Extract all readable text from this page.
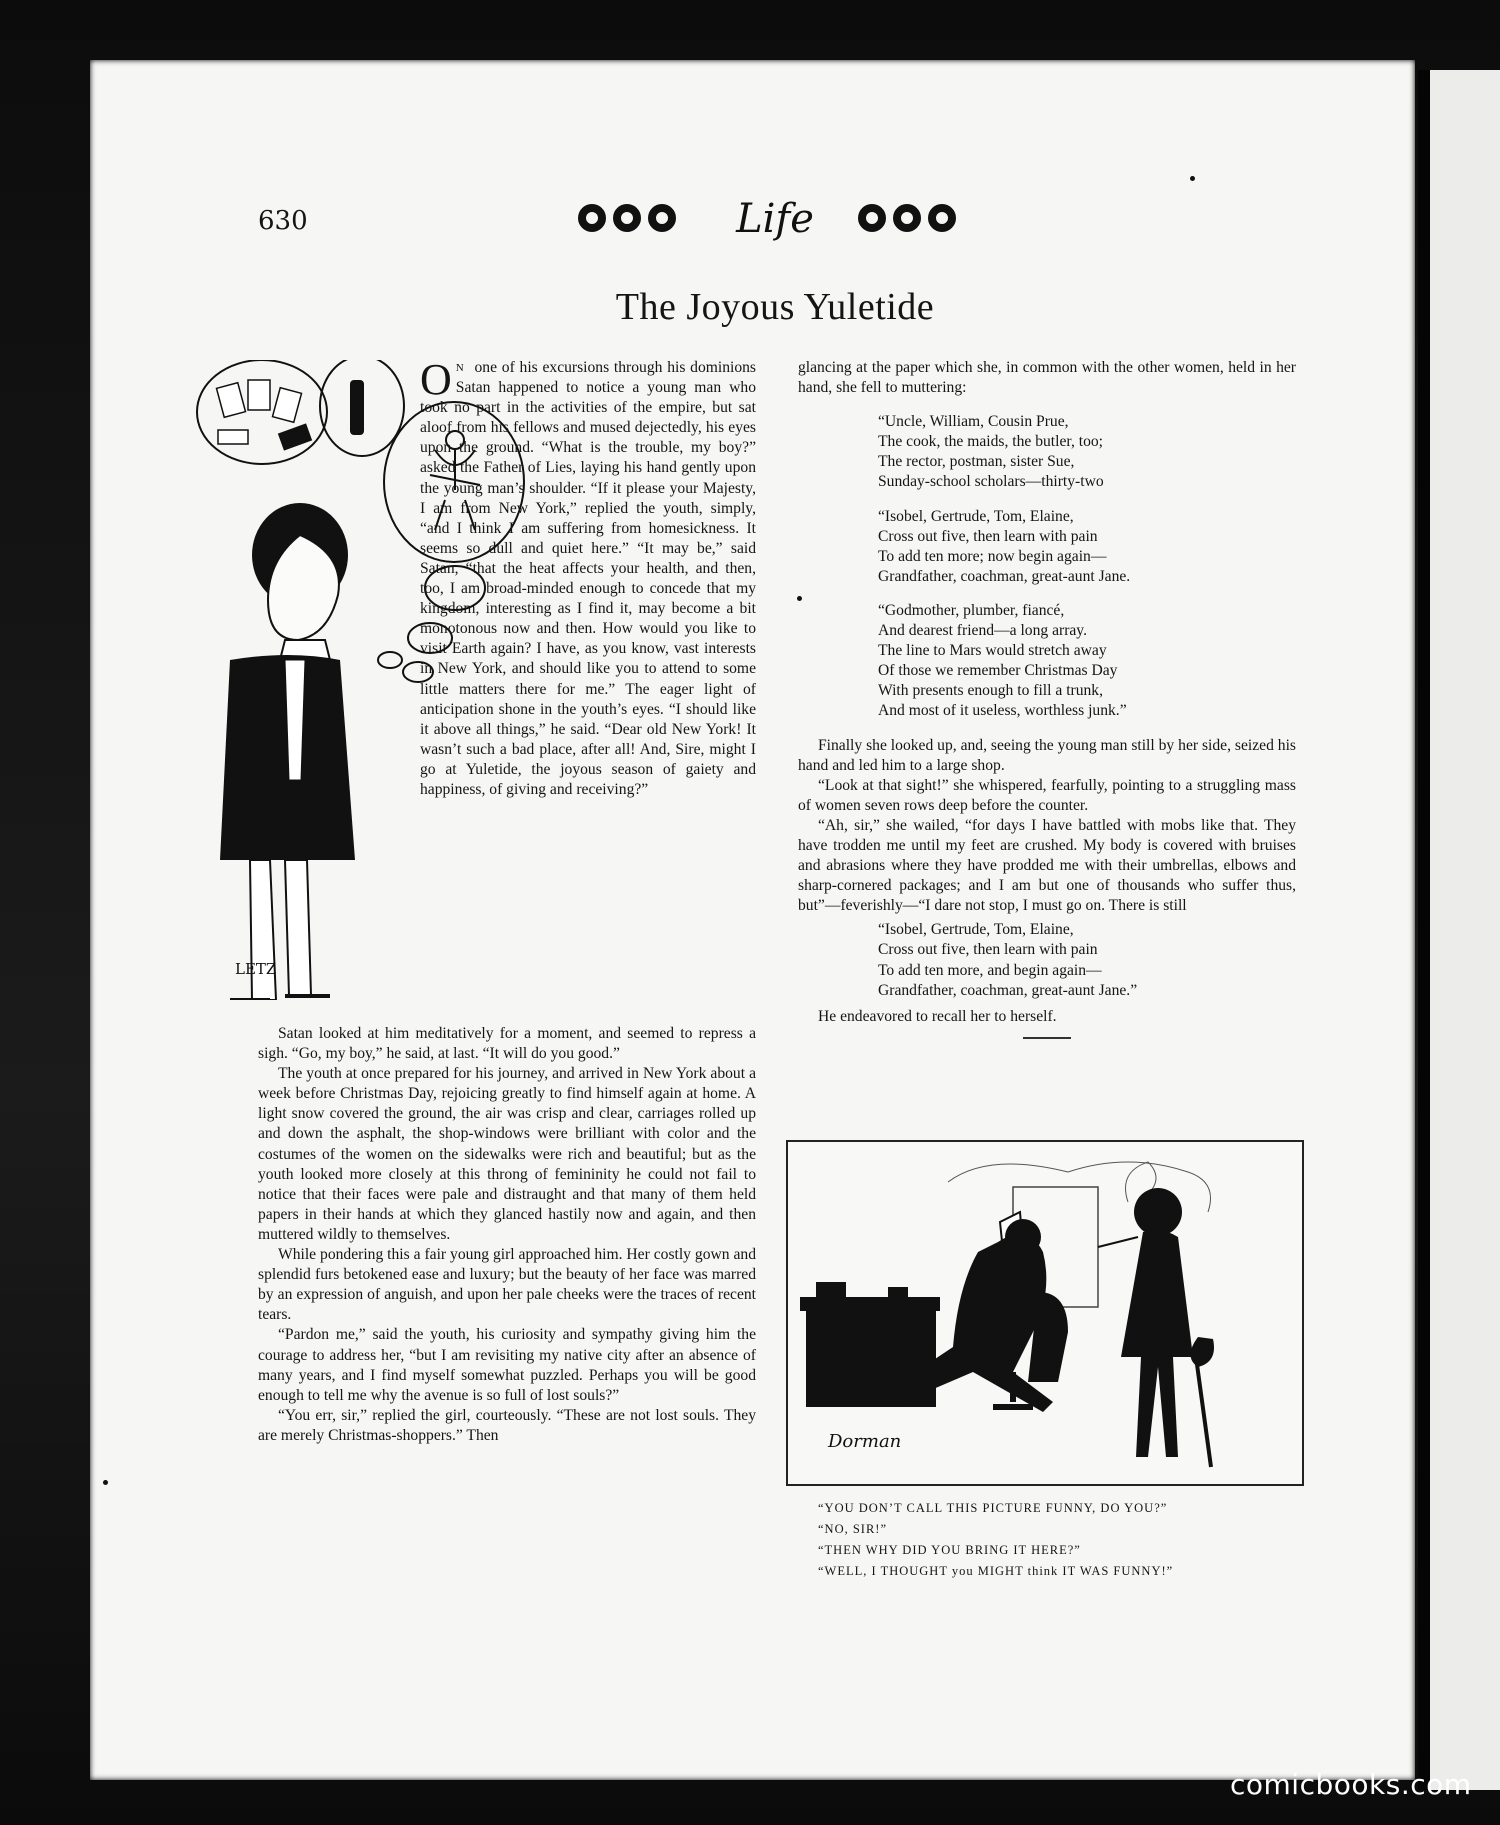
630	Life
The Joyous Yuletide
LETZ
O $^N$ one of his excursions through his dominions Satan happened to notice a young man who took no part in the activities of the empire, but sat aloof from his fellows and mused dejectedly, his eyes upon the ground. “What is the trouble, my boy?” asked the Father of Lies, laying his hand gently upon the young man’s shoulder. “If it please your Majesty, I am from New York,” replied the youth, simply, “and I think I am suffering from homesickness. It seems so dull and quiet here.” “It may be,” said Satan, “that the heat affects your health, and then, too, I am broad-minded enough to concede that my kingdom, interesting as I find it, may become a bit monotonous now and then. How would you like to visit Earth again? I have, as you know, vast interests in New York, and should like you to attend to some little matters there for me.” The eager light of anticipation shone in the youth’s eyes. “I should like it above all things,” he said. “Dear old New York! It wasn’t such a bad place, after all! And, Sire, might I go at Yuletide, the joyous season of gaiety and happiness, of giving and receiving?”

Satan looked at him meditatively for a moment, and seemed to repress a sigh. “Go, my boy,” he said, at last. “It will do you good.”

The youth at once prepared for his journey, and arrived in New York about a week before Christmas Day, rejoicing greatly to find himself again at home. A light snow covered the ground, the air was crisp and clear, carriages rolled up and down the asphalt, the shop-windows were brilliant with color and the costumes of the women on the sidewalks were rich and beautiful; but as the youth looked more closely at this throng of femininity he could not fail to notice that their faces were pale and distraught and that many of them held papers in their hands at which they glanced hastily now and again, and then muttered wildly to themselves.

While pondering this a fair young girl approached him. Her costly gown and splendid furs betokened ease and luxury; but the beauty of her face was marred by an expression of anguish, and upon her pale cheeks were the traces of recent tears.

“Pardon me,” said the youth, his curiosity and sympathy giving him the courage to address her, “but I am revisiting my native city after an absence of many years, and I find myself somewhat puzzled. Perhaps you will be good enough to tell me why the avenue is so full of lost souls?”

“You err, sir,” replied the girl, courteously. “These are not lost souls. They are merely Christmas-shoppers.” Then

glancing at the paper which she, in common with the other women, held in her hand, she fell to muttering:

“Uncle, William, Cousin Prue,
The cook, the maids, the butler, too;
The rector, postman, sister Sue,
Sunday-school scholars—thirty-two
“Isobel, Gertrude, Tom, Elaine,
Cross out five, then learn with pain
To add ten more; now begin again—
Grandfather, coachman, great-aunt Jane.
“Godmother, plumber, fiancé,
And dearest friend—a long array.
The line to Mars would stretch away
Of those we remember Christmas Day
With presents enough to fill a trunk,
And most of it useless, worthless junk.”

Finally she looked up, and, seeing the young man still by her side, seized his hand and led him to a large shop.

“Look at that sight!” she whispered, fearfully, pointing to a struggling mass of women seven rows deep before the counter.

“Ah, sir,” she wailed, “for days I have battled with mobs like that. They have trodden me until my feet are crushed. My body is covered with bruises and abrasions where they have prodded me with their umbrellas, elbows and sharp-cornered packages; and I am but one of thousands who suffer thus, but”—feverishly—“I dare not stop, I must go on. There is still

“Isobel, Gertrude, Tom, Elaine,
Cross out five, then learn with pain
To add ten more, and begin again—
Grandfather, coachman, great-aunt Jane.”

He endeavored to recall her to herself.

Dorman
“YOU DON’T CALL THIS PICTURE FUNNY, DO YOU?”
“NO, SIR!”
“THEN WHY DID YOU BRING IT HERE?”
“WELL, I THOUGHT you MIGHT think IT WAS FUNNY!”
comicbooks.com
